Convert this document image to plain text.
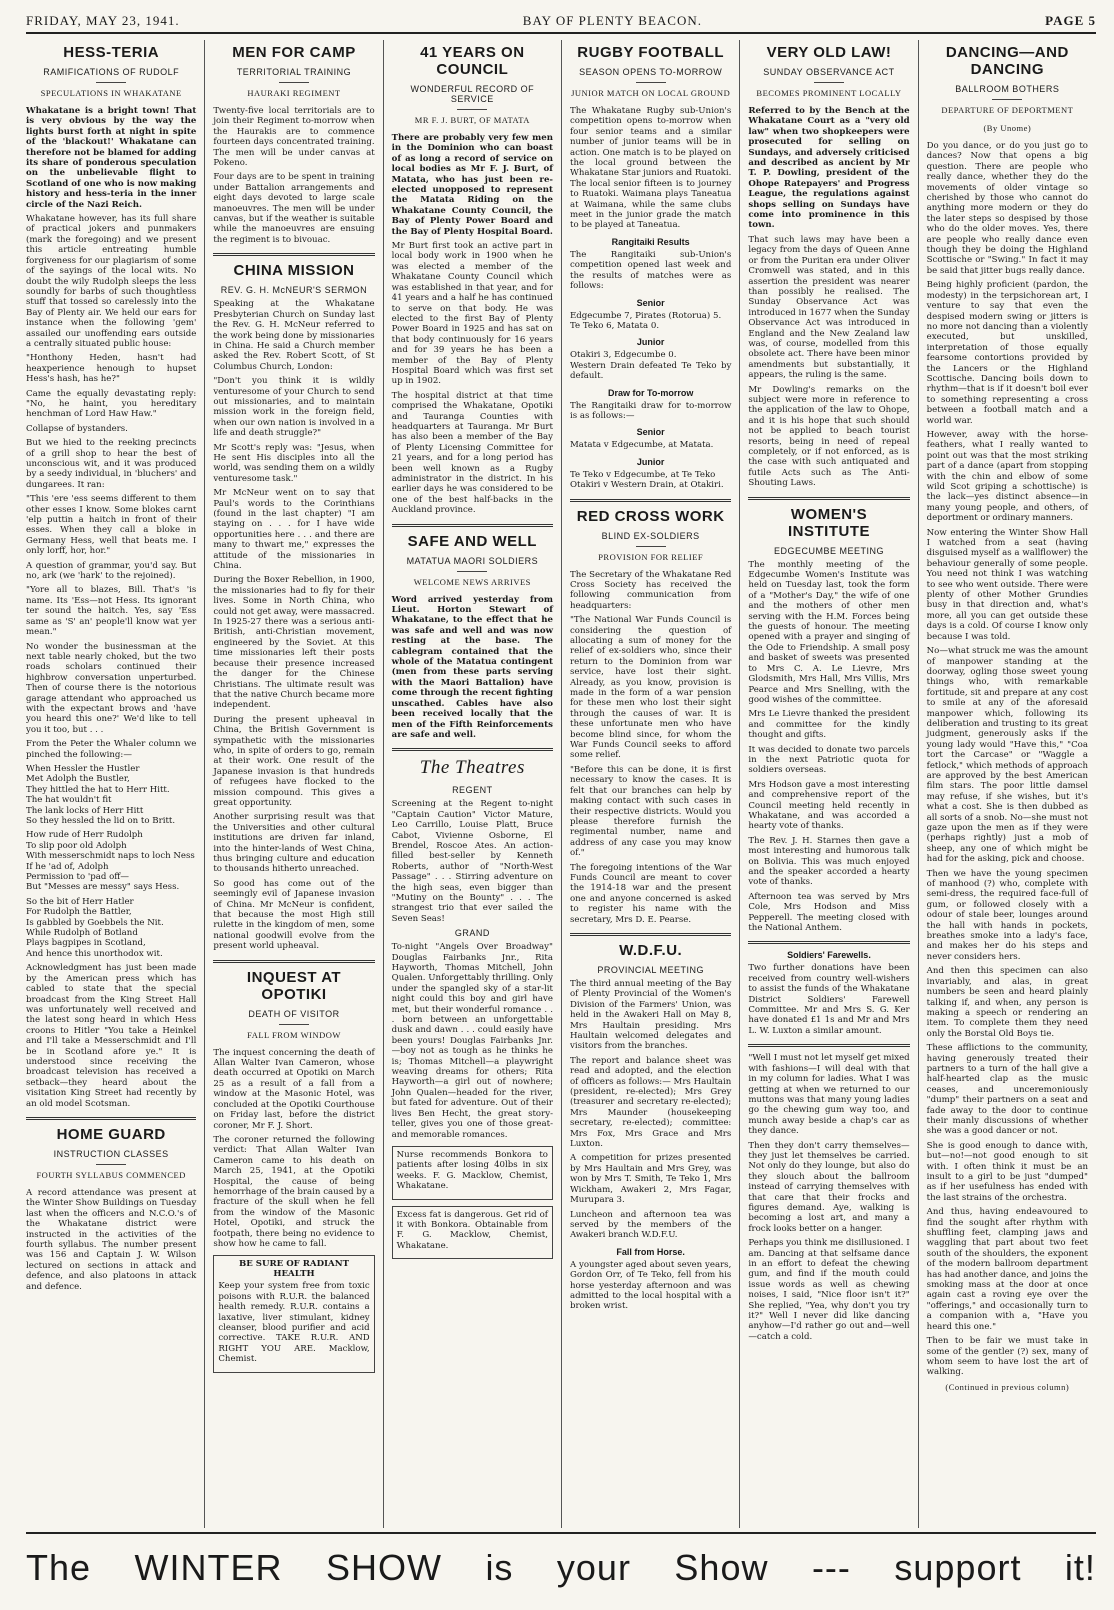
FRIDAY, MAY 23, 1941.	BAY OF PLENTY BEACON.	PAGE 5
HESS-TERIA
RAMIFICATIONS OF RUDOLF
SPECULATIONS IN WHAKATANE

Whakatane is a bright town! That is very obvious by the way the lights burst forth at night in spite of the 'blackout!' Whakatane can therefore not be blamed for adding its share of ponderous speculation on the unbelievable flight to Scotland of one who is now making history and hess-teria in the inner circle of the Nazi Reich.

Whakatane however, has its full share of practical jokers and punmakers (mark the foregoing) and we present this article entreating humble forgiveness for our plagiarism of some of the sayings of the local wits. No doubt the wily Rudolph sleeps the less soundly for barbs of such thoughtless stuff that tossed so carelessly into the Bay of Plenty air. We held our ears for instance when the following 'gem' assailed our unoffending ears outside a centrally situated public house:

"Honthony Heden, hasn't had heaxperience henough to hupset Hess's hash, has he?"

Came the equally devastating reply: "No, he haint, you hereditary henchman of Lord Haw Haw."

Collapse of bystanders.

But we hied to the reeking precincts of a grill shop to hear the best of unconscious wit, and it was produced by a seedy individual, in 'bluchers' and dungarees. It ran:

"This 'ere 'ess seems different to them other esses I know. Some blokes carnt 'elp puttin a haitch in front of their esses. When they call a bloke in Germany Hess, well that beats me. I only lorff, hor, hor."

A question of grammar, you'd say. But no, ark (we 'hark' to the rejoined).

"Yore all to blazes, Bill. That's 'is name. Its 'Ess—not Hess. Its ignorant ter sound the haitch. Yes, say 'Ess same as 'S' an' people'll know wat yer mean."

No wonder the businessman at the next table nearly choked, but the two roads scholars continued their highbrow conversation unperturbed. Then of course there is the notorious garage attendant who approached us with the expectant brows and 'have you heard this one?' We'd like to tell you it too, but . . .

From the Peter the Whaler column we pinched the following:—

When Hessler the Hustler
Met Adolph the Bustler,
They hittled the hat to Herr Hitt.
The hat wouldn't fit
The lank locks of Herr Hitt
So they hessled the lid on to Britt.
How rude of Herr Rudolph
To slip poor old Adolph
With messerschmidt naps to loch Ness
If he 'ad of, Adolph
Permission to 'pad off—
But "Messes are messy" says Hess.
So the bit of Herr Hatler
For Rudolph the Battler,
Is gabbled by Goebbels the Nit.
While Rudolph of Botland
Plays bagpipes in Scotland,
And hence this unorthodox wit.

Acknowledgment has just been made by the American press which has cabled to state that the special broadcast from the King Street Hall was unfortunately well received and the latest song heard in which Hess croons to Hitler "You take a Heinkel and I'll take a Messerschmidt and I'll be in Scotland afore ye." It is understood since receiving the broadcast television has received a setback—they heard about the visitation King Street had recently by an old model Scotsman.

HOME GUARD
INSTRUCTION CLASSES
FOURTH SYLLABUS COMMENCED

A record attendance was present at the Winter Show Buildings on Tuesday last when the officers and N.C.O.'s of the Whakatane district were instructed in the activities of the fourth syllabus. The number present was 156 and Captain J. W. Wilson lectured on sections in attack and defence, and also platoons in attack and defence.

MEN FOR CAMP
TERRITORIAL TRAINING
HAURAKI REGIMENT

Twenty-five local territorials are to join their Regiment to-morrow when the Haurakis are to commence fourteen days concentrated training. The men will be under canvas at Pokeno.

Four days are to be spent in training under Battalion arrangements and eight days devoted to large scale manoeuvres. The men will be under canvas, but if the weather is suitable while the manoeuvres are ensuing the regiment is to bivouac.

CHINA MISSION
REV. G. H. McNEUR'S SERMON

Speaking at the Whakatane Presbyterian Church on Sunday last the Rev. G. H. McNeur referred to the work being done by missionaries in China. He said a Church member asked the Rev. Robert Scott, of St Columbus Church, London:

"Don't you think it is wildly venturesome of your Church to send out missionaries, and to maintain mission work in the foreign field, when our own nation is involved in a life and death struggle?"

Mr Scott's reply was: "Jesus, when He sent His disciples into all the world, was sending them on a wildly venturesome task."

Mr McNeur went on to say that Paul's words to the Corinthians (found in the last chapter) "I am staying on . . . for I have wide opportunities here . . . and there are many to thwart me," expresses the attitude of the missionaries in China.

During the Boxer Rebellion, in 1900, the missionaries had to fly for their lives. Some in North China, who could not get away, were massacred. In 1925-27 there was a serious anti-British, anti-Christian movement, engineered by the Soviet. At this time missionaries left their posts because their presence increased the danger for the Chinese Christians. The ultimate result was that the native Church became more independent.

During the present upheaval in China, the British Government is sympathetic with the missionaries who, in spite of orders to go, remain at their work. One result of the Japanese invasion is that hundreds of refugees have flocked to the mission compound. This gives a great opportunity.

Another surprising result was that the Universities and other cultural institutions are driven far inland, into the hinter-lands of West China, thus bringing culture and education to thousands hitherto unreached.

So good has come out of the seemingly evil of Japanese invasion of China. Mr McNeur is confident, that because the most High still rulette in the kingdom of men, some national goodwill evolve from the present world upheaval.

INQUEST AT OPOTIKI
DEATH OF VISITOR
FALL FROM WINDOW

The inquest concerning the death of Allan Walter Ivan Cameron, whose death occurred at Opotiki on March 25 as a result of a fall from a window at the Masonic Hotel, was concluded at the Opotiki Courthouse on Friday last, before the district coroner, Mr F. J. Short.

The coroner returned the following verdict: That Allan Walter Ivan Cameron came to his death on March 25, 1941, at the Opotiki Hospital, the cause of being hemorrhage of the brain caused by a fracture of the skull when he fell from the window of the Masonic Hotel, Opotiki, and struck the footpath, there being no evidence to show how he came to fall.

BE SURE OF RADIANT HEALTH

Keep your system free from toxic poisons with R.U.R. the balanced health remedy. R.U.R. contains a laxative, liver stimulant, kidney cleanser, blood purifier and acid corrective. TAKE R.U.R. AND RIGHT YOU ARE. Macklow, Chemist.

41 YEARS ON COUNCIL
WONDERFUL RECORD OF SERVICE
MR F. J. BURT, OF MATATA

There are probably very few men in the Dominion who can boast of as long a record of service on local bodies as Mr F. J. Burt, of Matata, who has just been re-elected unopposed to represent the Matata Riding on the Whakatane County Council, the Bay of Plenty Power Board and the Bay of Plenty Hospital Board.

Mr Burt first took an active part in local body work in 1900 when he was elected a member of the Whakatane County Council which was established in that year, and for 41 years and a half he has continued to serve on that body. He was elected to the first Bay of Plenty Power Board in 1925 and has sat on that body continuously for 16 years and for 39 years he has been a member of the Bay of Plenty Hospital Board which was first set up in 1902.

The hospital district at that time comprised the Whakatane, Opotiki and Tauranga Counties with headquarters at Tauranga. Mr Burt has also been a member of the Bay of Plenty Licensing Committee for 21 years, and for a long period has been well known as a Rugby administrator in the district. In his earlier days he was considered to be one of the best half-backs in the Auckland province.

SAFE AND WELL
MATATUA MAORI SOLDIERS
WELCOME NEWS ARRIVES

Word arrived yesterday from Lieut. Horton Stewart of Whakatane, to the effect that he was safe and well and was now resting at the base. The cablegram contained that the whole of the Matatua contingent (men from these parts serving with the Maori Battalion) have come through the recent fighting unscathed. Cables have also been received locally that the men of the Fifth Reinforcements are safe and well.

The Theatres
REGENT

Screening at the Regent to-night "Captain Caution" Victor Mature, Leo Carrillo, Louise Platt, Bruce Cabot, Vivienne Osborne, El Brendel, Roscoe Ates. An action-filled best-seller by Kenneth Roberts, author of "North-West Passage" . . . Stirring adventure on the high seas, even bigger than "Mutiny on the Bounty" . . . The strangest trio that ever sailed the Seven Seas!

GRAND

To-night "Angels Over Broadway" Douglas Fairbanks Jnr., Rita Hayworth, Thomas Mitchell, John Qualen. Unforgettably thrilling. Only under the spangled sky of a star-lit night could this boy and girl have met, but their wonderful romance . . . born between an unforgettable dusk and dawn . . . could easily have been yours! Douglas Fairbanks Jnr.—boy not as tough as he thinks he is; Thomas Mitchell—a playwright weaving dreams for others; Rita Hayworth—a girl out of nowhere; John Qualen—headed for the river, but fated for adventure. Out of their lives Ben Hecht, the great story-teller, gives you one of those great-and memorable romances.

Nurse recommends Bonkora to patients after losing 40lbs in six weeks. F. G. Macklow, Chemist, Whakatane.

Excess fat is dangerous. Get rid of it with Bonkora. Obtainable from F. G. Macklow, Chemist, Whakatane.

RUGBY FOOTBALL
SEASON OPENS TO-MORROW
JUNIOR MATCH ON LOCAL GROUND

The Whakatane Rugby sub-Union's competition opens to-morrow when four senior teams and a similar number of junior teams will be in action. One match is to be played on the local ground between the Whakatane Star juniors and Ruatoki. The local senior fifteen is to journey to Ruatoki. Waimana plays Taneatua at Waimana, while the same clubs meet in the junior grade the match to be played at Taneatua.

Rangitaiki Results

The Rangitaiki sub-Union's competition opened last week and the results of matches were as follows:

Senior

Edgecumbe 7, Pirates (Rotorua) 5.
Te Teko 6, Matata 0.

Junior

Otakiri 3, Edgecumbe 0.
Western Drain defeated Te Teko by default.

Draw for To-morrow

The Rangitaiki draw for to-morrow is as follows:—

Senior

Matata v Edgecumbe, at Matata.

Junior

Te Teko v Edgecumbe, at Te Teko
Otakiri v Western Drain, at Otakiri.

RED CROSS WORK
BLIND EX-SOLDIERS
PROVISION FOR RELIEF

The Secretary of the Whakatane Red Cross Society has received the following communication from headquarters:

"The National War Funds Council is considering the question of allocating a sum of money for the relief of ex-soldiers who, since their return to the Dominion from war service, have lost their sight. Already, as you know, provision is made in the form of a war pension for these men who lost their sight through the causes of war. It is these unfortunate men who have become blind since, for whom the War Funds Council seeks to afford some relief.

"Before this can be done, it is first necessary to know the cases. It is felt that our branches can help by making contact with such cases in their respective districts. Would you please therefore furnish the regimental number, name and address of any case you may know of."

The foregoing intentions of the War Funds Council are meant to cover the 1914-18 war and the present one and anyone concerned is asked to register his name with the secretary, Mrs D. E. Pearse.

W.D.F.U.
PROVINCIAL MEETING

The third annual meeting of the Bay of Plenty Provincial of the Women's Division of the Farmers' Union, was held in the Awakeri Hall on May 8, Mrs Haultain presiding. Mrs Haultain welcomed delegates and visitors from the branches.

The report and balance sheet was read and adopted, and the election of officers as follows:— Mrs Haultain (president, re-elected); Mrs Grey (treasurer and secretary re-elected); Mrs Maunder (housekeeping secretary, re-elected); committee: Mrs Fox, Mrs Grace and Mrs Luxton.

A competition for prizes presented by Mrs Haultain and Mrs Grey, was won by Mrs T. Smith, Te Teko 1, Mrs Wickham, Awakeri 2, Mrs Fagar, Murupara 3.

Luncheon and afternoon tea was served by the members of the Awakeri branch W.D.F.U.

Fall from Horse.

A youngster aged about seven years, Gordon Orr, of Te Teko, fell from his horse yesterday afternoon and was admitted to the local hospital with a broken wrist.

VERY OLD LAW!
SUNDAY OBSERVANCE ACT
BECOMES PROMINENT LOCALLY

Referred to by the Bench at the Whakatane Court as a "very old law" when two shopkeepers were prosecuted for selling on Sundays, and adversely criticised and described as ancient by Mr T. P. Dowling, president of the Ohope Ratepayers' and Progress League, the regulations against shops selling on Sundays have come into prominence in this town.

That such laws may have been a legacy from the days of Queen Anne or from the Puritan era under Oliver Cromwell was stated, and in this assertion the president was nearer than possibly he realised. The Sunday Observance Act was introduced in 1677 when the Sunday Observance Act was introduced in England and the New Zealand law was, of course, modelled from this obsolete act. There have been minor amendments but substantially, it appears, the ruling is the same.

Mr Dowling's remarks on the subject were more in reference to the application of the law to Ohope, and it is his hope that such should not be applied to beach tourist resorts, being in need of repeal completely, or if not enforced, as is the case with such antiquated and futile Acts such as The Anti-Shouting Laws.

WOMEN'S INSTITUTE
EDGECUMBE MEETING

The monthly meeting of the Edgecumbe Women's Institute was held on Tuesday last, took the form of a "Mother's Day," the wife of one and the mothers of other men serving with the H.M. Forces being the guests of honour. The meeting opened with a prayer and singing of the Ode to Friendship. A small posy and basket of sweets was presented to Mrs C. A. Le Lievre, Mrs Glodsmith, Mrs Hall, Mrs Villis, Mrs Pearce and Mrs Snelling, with the good wishes of the committee.

Mrs Le Lievre thanked the president and committee for the kindly thought and gifts.

It was decided to donate two parcels in the next Patriotic quota for soldiers overseas.

Mrs Hodson gave a most interesting and comprehensive report of the Council meeting held recently in Whakatane, and was accorded a hearty vote of thanks.

The Rev. J. H. Starnes then gave a most interesting and humorous talk on Bolivia. This was much enjoyed and the speaker accorded a hearty vote of thanks.

Afternoon tea was served by Mrs Cole, Mrs Hodson and Miss Pepperell. The meeting closed with the National Anthem.

Soldiers' Farewells.

Two further donations have been received from country well-wishers to assist the funds of the Whakatane District Soldiers' Farewell Committee. Mr and Mrs S. G. Ker have donated £1 1s and Mr and Mrs L. W. Luxton a similar amount.

"Well I must not let myself get mixed with fashions—I will deal with that in my column for ladies. What I was getting at when we returned to our muttons was that many young ladies go the chewing gum way too, and munch away beside a chap's car as they dance.

Then they don't carry themselves—they just let themselves be carried. Not only do they lounge, but also do they slouch about the ballroom instead of carrying themselves with that care that their frocks and figures demand. Aye, walking is becoming a lost art, and many a frock looks better on a hanger.

Perhaps you think me disillusioned. I am. Dancing at that selfsame dance in an effort to defeat the chewing gum, and find if the mouth could issue words as well as chewing noises, I said, "Nice floor isn't it?" She replied, "Yea, why don't you try it?" Well I never did like dancing anyhow—I'd rather go out and—well—catch a cold.

DANCING—AND DANCING
BALLROOM BOTHERS
DEPARTURE OF DEPORTMENT
(By Unome)

Do you dance, or do you just go to dances? Now that opens a big question. There are people who really dance, whether they do the movements of older vintage so cherished by those who cannot do anything more modern or they do the later steps so despised by those who do the older moves. Yes, there are people who really dance even though they be doing the Highland Scottische or "Swing." In fact it may be said that jitter bugs really dance.

Being highly proficient (pardon, the modesty) in the terpsichorean art, I venture to say that even the despised modern swing or jitters is no more not dancing than a violently executed, but unskilled, interpretation of those equally fearsome contortions provided by the Lancers or the Highland Scottische. Dancing boils down to rhythm—that is if it doesn't boil ever to something representing a cross between a football match and a world war.

However, away with the horse-feathers, what I really wanted to point out was that the most striking part of a dance (apart from stopping with the chin and elbow of some wild Scot griping a schottische) is the lack—yes distinct absence—in many young people, and others, of deportment or ordinary manners.

Now entering the Winter Show Hall I watched from a seat (having disguised myself as a wallflower) the behaviour generally of some people. You need not think I was watching to see who went outside. There were plenty of other Mother Grundies busy in that direction and, what's more, all you can get outside these days is a cold. Of course I know only because I was told.

No—what struck me was the amount of manpower standing at the doorway, ogling those sweet young things who, with remarkable fortitude, sit and prepare at any cost to smile at any of the aforesaid manpower which, following its deliberation and trusting to its great judgment, generously asks if the young lady would "Have this," "Coa tort the Carcase" or "Waggle a fetlock," which methods of approach are approved by the best American film stars. The poor little damsel may refuse, if she wishes, but it's what a cost. She is then dubbed as all sorts of a snob. No—she must not gaze upon the men as if they were (perhaps rightly) just a mob of sheep, any one of which might be had for the asking, pick and choose.

Then we have the young specimen of manhood (?) who, complete with semi-dress, the required face-full of gum, or followed closely with a odour of stale beer, lounges around the hall with hands in pockets, breathes smoke into a lady's face, and makes her do his steps and never considers hers.

And then this specimen can also invariably, and alas, in great numbers be seen and heard plainly talking if, and when, any person is making a speech or rendering an item. To complete them they need only the Borstal Old Boys tie.

These afflictions to the community, having generously treated their partners to a turn of the hall give a half-hearted clap as the music ceases, and unceremoniously "dump" their partners on a seat and fade away to the door to continue their manly discussions of whether she was a good dancer or not.

She is good enough to dance with, but—no!—not good enough to sit with. I often think it must be an insult to a girl to be just "dumped" as if her usefulness has ended with the last strains of the orchestra.

And thus, having endeavoured to find the sought after rhythm with shuffling feet, clamping jaws and waggling that part about two feet south of the shoulders, the exponent of the modern ballroom department has had another dance, and joins the smoking mass at the door at once again cast a roving eye over the "offerings," and occasionally turn to a companion with a, "Have you heard this one."

Then to be fair we must take in some of the gentler (?) sex, many of whom seem to have lost the art of walking.

(Continued in previous column)
The WINTER SHOW is your Show --- support it!
